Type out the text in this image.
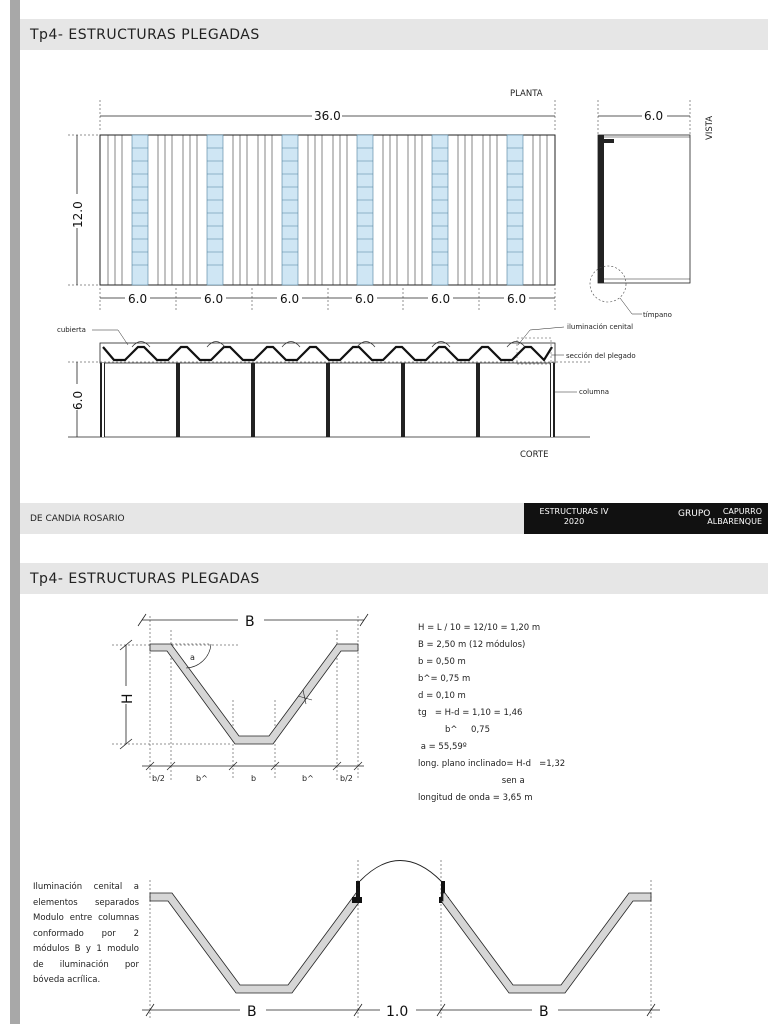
Tp4- ESTRUCTURAS PLEGADAS
PLANTA
36.0
12.0
6.0	6.0	6.0	6.0	6.0	6.0
VISTA
6.0
tímpano
6.0
cubierta	iluminación cenital
sección del plegado
columna
CORTE
DE CANDIA ROSARIO
ESTRUCTURAS IV
2020
GRUPO	CAPURRO
ALBARENQUE
Tp4- ESTRUCTURAS PLEGADAS
B
H
a
b/2	b^	b	b^	b/2
B	1.0	B
H = L / 10 = 12/10 = 1,20 m
B = 2,50 m (12 módulos)
b = 0,50 m
b^= 0,75 m
d = 0,10 m
tg   = H-d = 1,10 = 1,46
b^     0,75
a = 55,59º
long. plano inclinado= H-d   =1,32
sen a
longitud de onda = 3,65 m
Iluminación cenital a elementos separados Modulo entre columnas conformado por 2 módulos B y 1 modulo de iluminación por bóveda acrílica.
